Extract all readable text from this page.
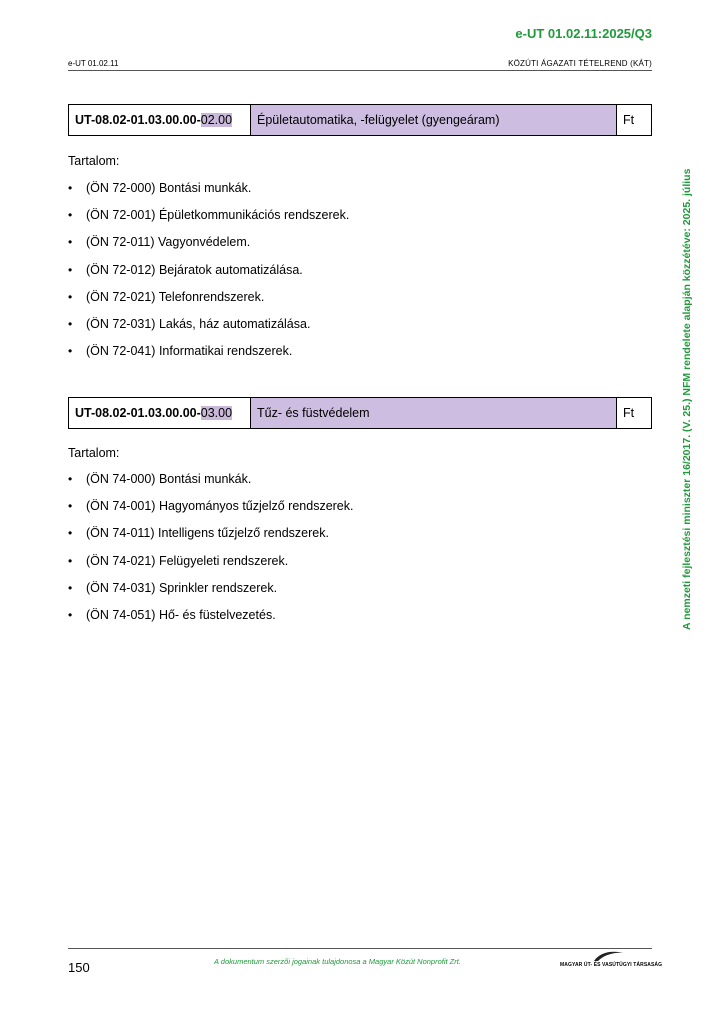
e-UT 01.02.11:2025/Q3
e-UT 01.02.11	KÖZÚTI ÁGAZATI TÉTELREND (KÁT)
A nemzeti fejlesztési miniszter 16/2017. (V. 25.) NFM rendelete alapján közzétéve: 2025. július
UT-08.02-01.03.00.00- 02.00	Épületautomatika, -felügyelet (gyengeáram)	Ft
Tartalom:
•	(ÖN 72-000) Bontási munkák.
•	(ÖN 72-001) Épületkommunikációs rendszerek.
•	(ÖN 72-011) Vagyonvédelem.
•	(ÖN 72-012) Bejáratok automatizálása.
•	(ÖN 72-021) Telefonrendszerek.
•	(ÖN 72-031) Lakás, ház automatizálása.
•	(ÖN 72-041) Informatikai rendszerek.
UT-08.02-01.03.00.00- 03.00	Tűz- és füstvédelem	Ft
Tartalom:
•	(ÖN 74-000) Bontási munkák.
•	(ÖN 74-001) Hagyományos tűzjelző rendszerek.
•	(ÖN 74-011) Intelligens tűzjelző rendszerek.
•	(ÖN 74-021) Felügyeleti rendszerek.
•	(ÖN 74-031) Sprinkler rendszerek.
•	(ÖN 74-051) Hő- és füstelvezetés.
150	A dokumentum szerzői jogainak tulajdonosa a Magyar Közút Nonprofit Zrt.	MAGYAR ÚT- ÉS VASÚTÜGYI TÁRSASÁG
